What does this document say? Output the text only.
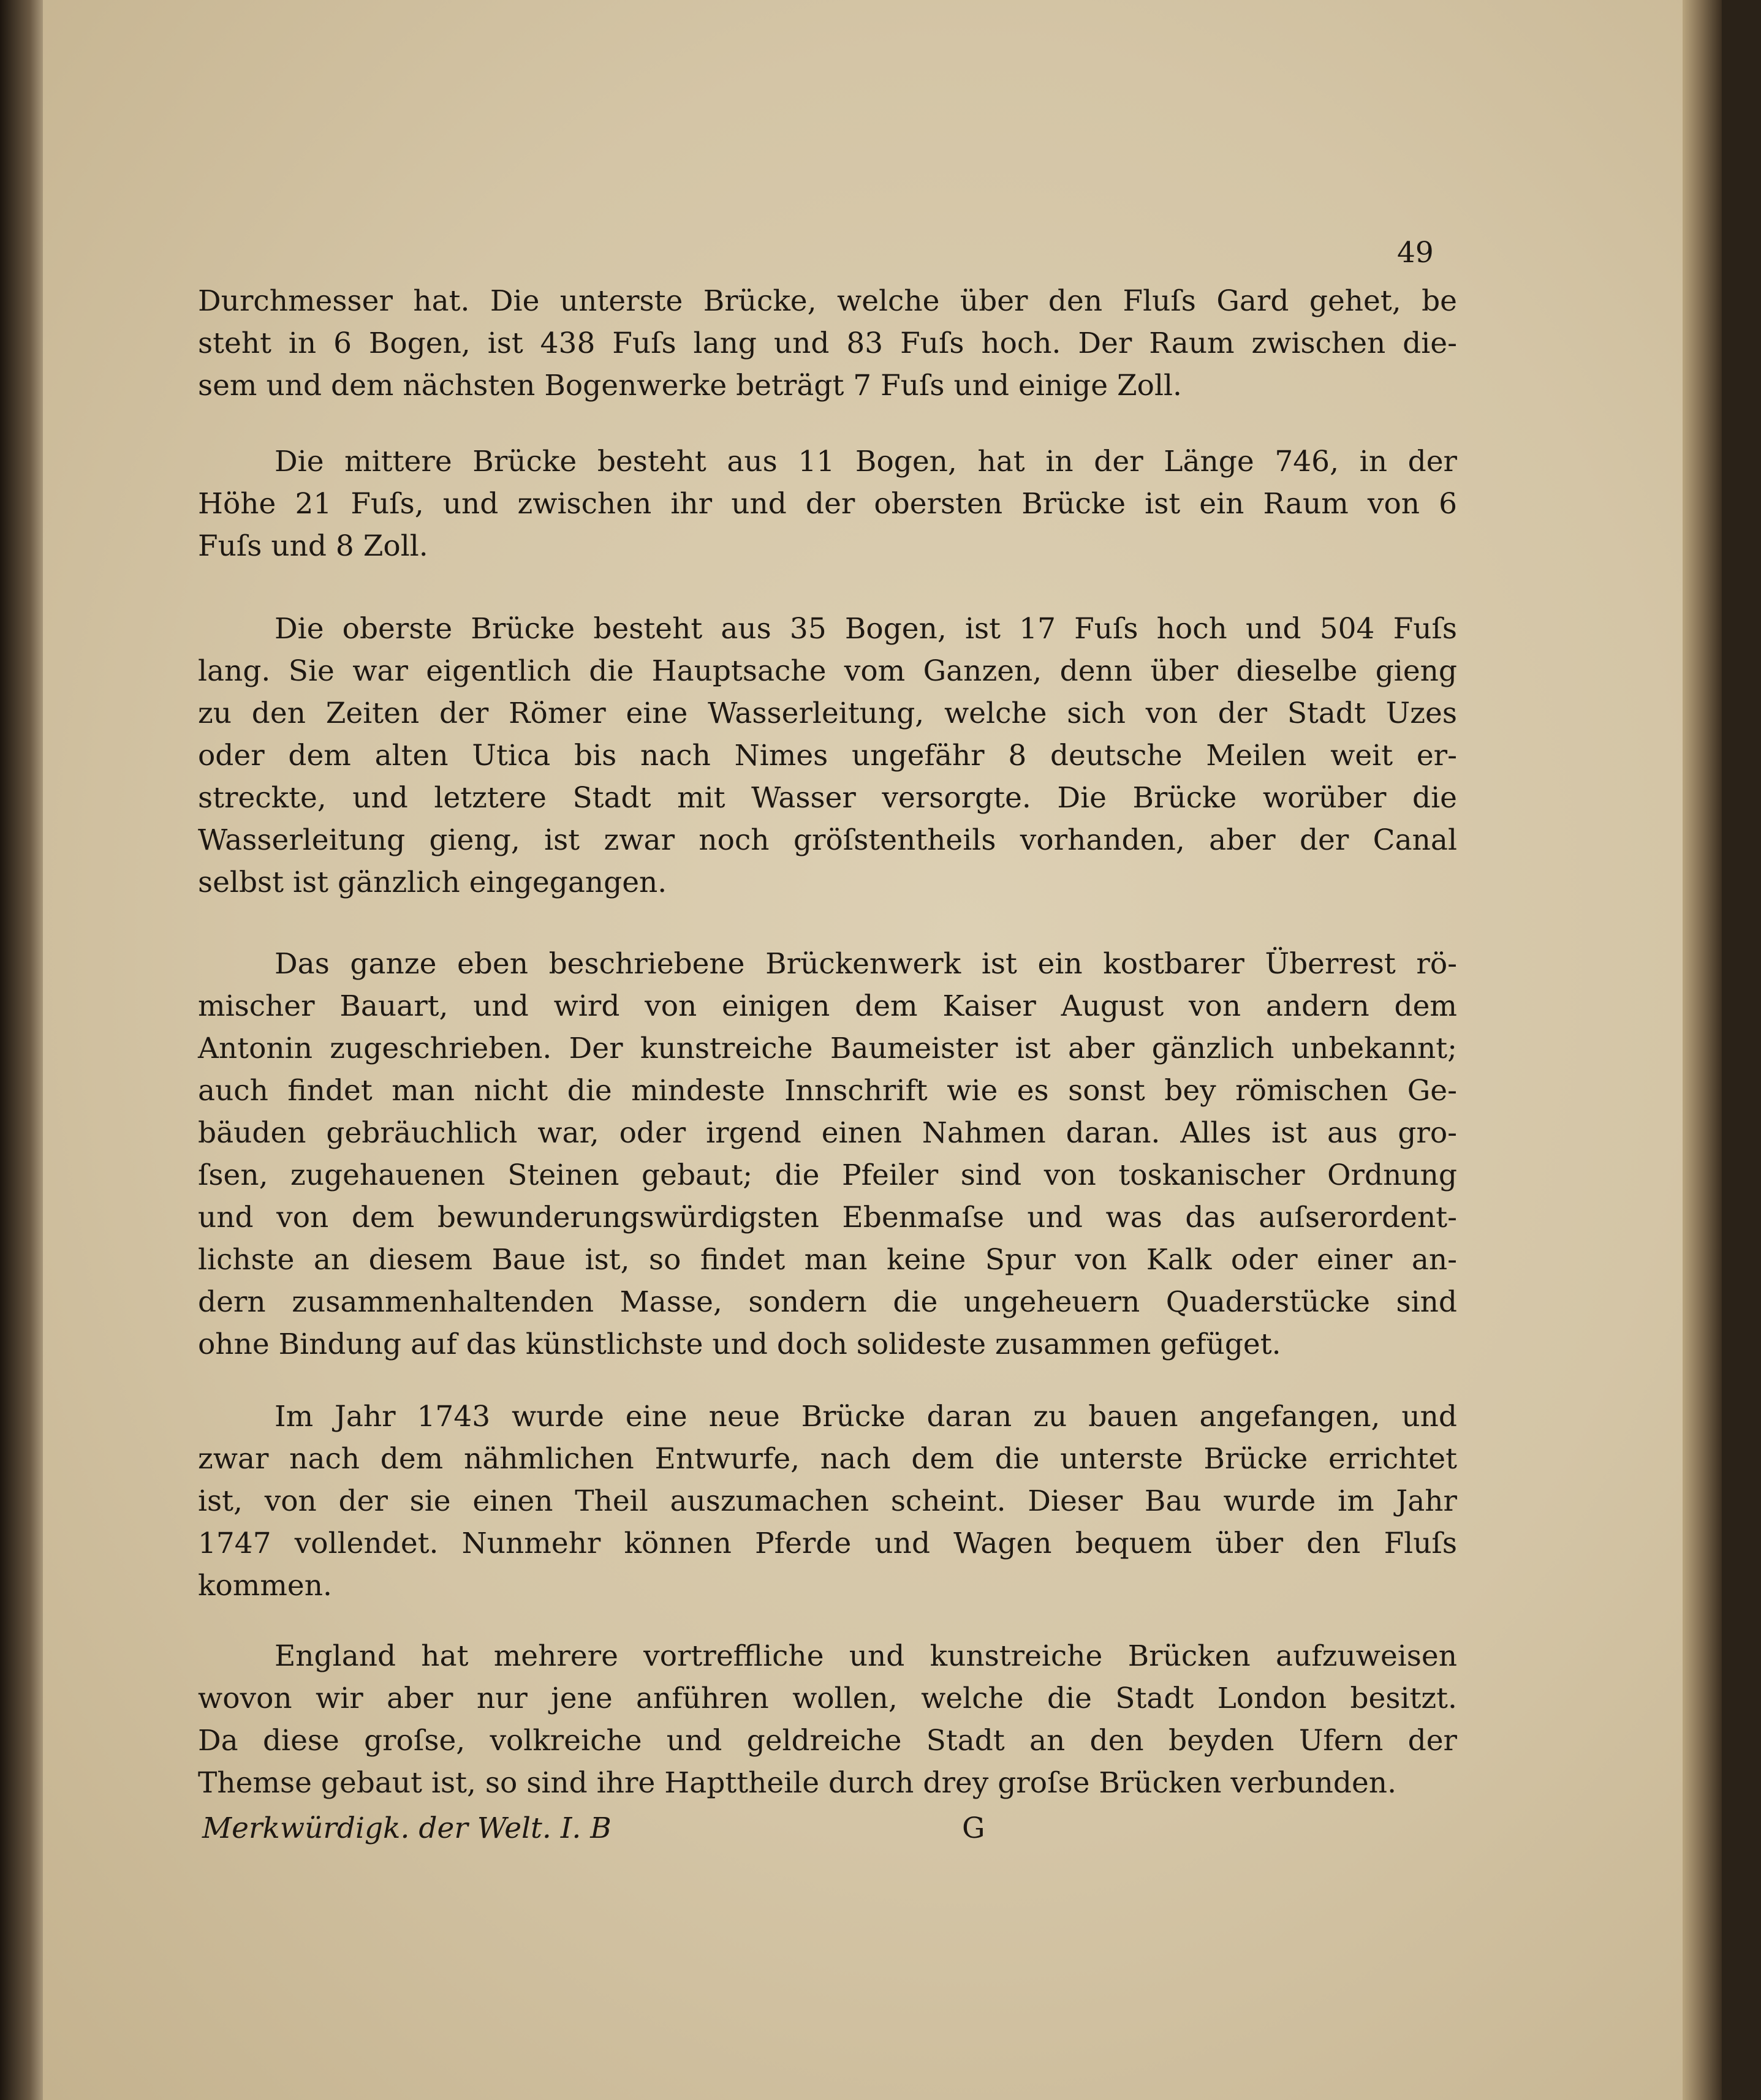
49
Durchmesser hat. Die unterste Brücke, welche über den Fluſs Gard gehet, be
steht in 6 Bogen, ist 438 Fuſs lang und 83 Fuſs hoch. Der Raum zwischen die-
sem und dem nächsten Bogenwerke beträgt 7 Fuſs und einige Zoll.
Die mittere Brücke besteht aus 11 Bogen, hat in der Länge 746, in der
Höhe 21 Fuſs, und zwischen ihr und der obersten Brücke ist ein Raum von 6
Fuſs und 8 Zoll.
Die oberste Brücke besteht aus 35 Bogen, ist 17 Fuſs hoch und 504 Fuſs
lang. Sie war eigentlich die Hauptsache vom Ganzen, denn über dieselbe gieng
zu den Zeiten der Römer eine Wasserleitung, welche sich von der Stadt Uzes
oder dem alten Utica bis nach Nimes ungefähr 8 deutsche Meilen weit er-
streckte, und letztere Stadt mit Wasser versorgte. Die Brücke worüber die
Wasserleitung gieng, ist zwar noch gröſstentheils vorhanden, aber der Canal
selbst ist gänzlich eingegangen.
Das ganze eben beschriebene Brückenwerk ist ein kostbarer Überrest rö-
mischer Bauart, und wird von einigen dem Kaiser August von andern dem
Antonin zugeschrieben. Der kunstreiche Baumeister ist aber gänzlich unbekannt;
auch findet man nicht die mindeste Innschrift wie es sonst bey römischen Ge-
bäuden gebräuchlich war, oder irgend einen Nahmen daran. Alles ist aus gro-
ſsen, zugehauenen Steinen gebaut; die Pfeiler sind von toskanischer Ordnung
und von dem bewunderungswürdigsten Ebenmaſse und was das auſserordent-
lichste an diesem Baue ist, so findet man keine Spur von Kalk oder einer an-
dern zusammenhaltenden Masse, sondern die ungeheuern Quaderstücke sind
ohne Bindung auf das künstlichste und doch solideste zusammen gefüget.
Im Jahr 1743 wurde eine neue Brücke daran zu bauen angefangen, und
zwar nach dem nähmlichen Entwurfe, nach dem die unterste Brücke errichtet
ist, von der sie einen Theil auszumachen scheint. Dieser Bau wurde im Jahr
1747 vollendet. Nunmehr können Pferde und Wagen bequem über den Fluſs
kommen.
England hat mehrere vortreffliche und kunstreiche Brücken aufzuweisen
wovon wir aber nur jene anführen wollen, welche die Stadt London besitzt.
Da diese groſse, volkreiche und geldreiche Stadt an den beyden Ufern der
Themse gebaut ist, so sind ihre Hapttheile durch drey groſse Brücken verbunden.
Merkwürdigk. der Welt. I. B	G
